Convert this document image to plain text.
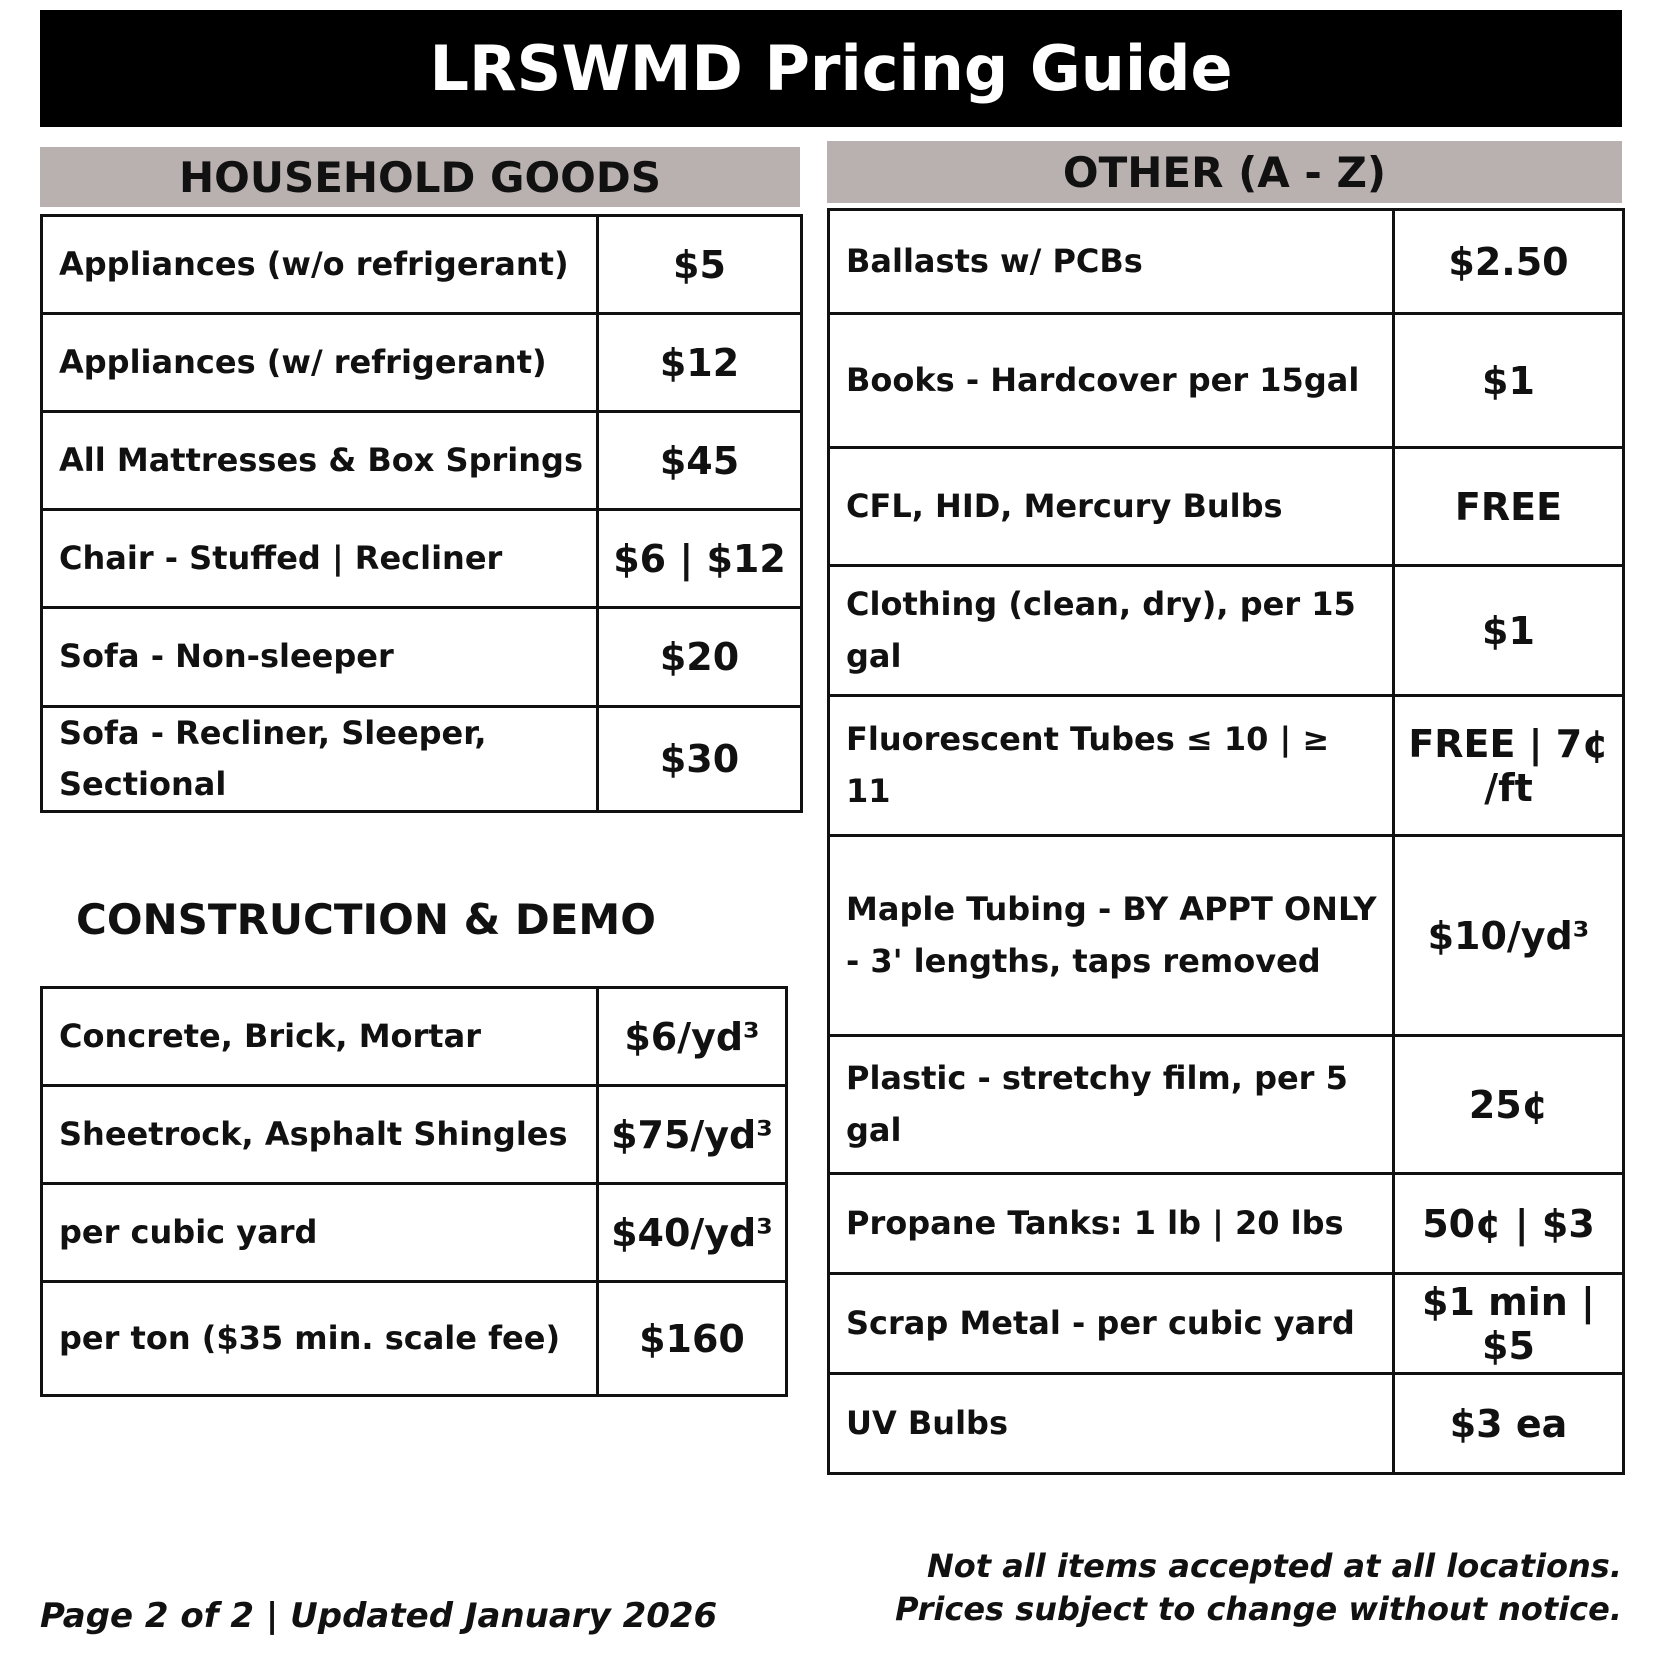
LRSWMD Pricing Guide
HOUSEHOLD GOODS
Appliances (w/o refrigerant)	$5
Appliances (w/ refrigerant)	$12
All Mattresses & Box Springs	$45
Chair - Stuffed | Recliner	$6 | $12
Sofa - Non-sleeper	$20
Sofa - Recliner, Sleeper, Sectional	$30
CONSTRUCTION & DEMO
Concrete, Brick, Mortar	$6/yd³
Sheetrock, Asphalt Shingles	$75/yd³
per cubic yard	$40/yd³
per ton ($35 min. scale fee)	$160
OTHER (A - Z)
Ballasts w/ PCBs	$2.50
Books - Hardcover per 15gal	$1
CFL, HID, Mercury Bulbs	FREE
Clothing (clean, dry), per 15 gal	$1
Fluorescent Tubes ≤ 10 | ≥ 11	FREE | 7¢ /ft
Maple Tubing - BY APPT ONLY - 3' lengths, taps removed	$10/yd³
Plastic - stretchy film, per 5 gal	25¢
Propane Tanks: 1 lb | 20 lbs	50¢ | $3
Scrap Metal - per cubic yard	$1 min | $5
UV Bulbs	$3 ea
Page 2 of 2 | Updated January 2026
Not all items accepted at all locations.
Prices subject to change without notice.
